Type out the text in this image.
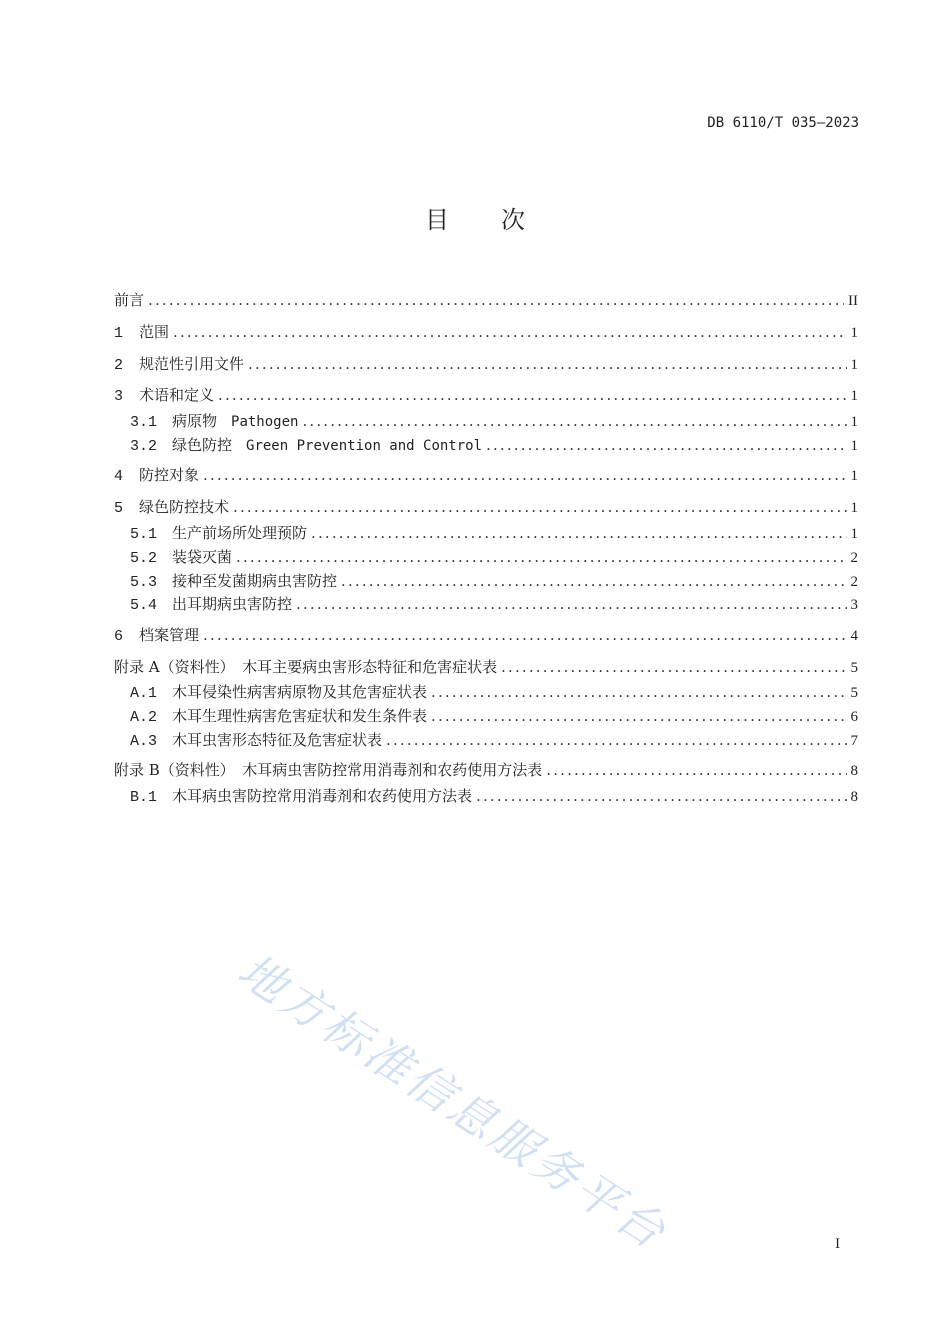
DB 6110/T 035—2023
目次
前言 . . .	II
1	范围 . . .	1
2	规范性引用文件 . . .	1
3	术语和定义 . . .	1
3.1 病原物 Pathogen . . .	1
3.2 绿色防控 Green Prevention and Control . . .	1
4	防控对象 . . .	1
5	绿色防控技术 . . .	1
5.1 生产前场所处理预防 . . .	1
5.2 装袋灭菌 . . .	2
5.3 接种至发菌期病虫害防控 . . .	2
5.4 出耳期病虫害防控 . . .	3
6	档案管理 . . .	4
附录 A（资料性）　木耳主要病虫害形态特征和危害症状表 . . .	5
A.1 木耳侵染性病害病原物及其危害症状表 . . .	5
A.2 木耳生理性病害危害症状和发生条件表 . . .	6
A.3 木耳虫害形态特征及危害症状表 . . .	7
附录 B（资料性）　木耳病虫害防控常用消毒剂和农药使用方法表 . . .	8
B.1 木耳病虫害防控常用消毒剂和农药使用方法表 . . .	8
地方标准信息服务平台	I
